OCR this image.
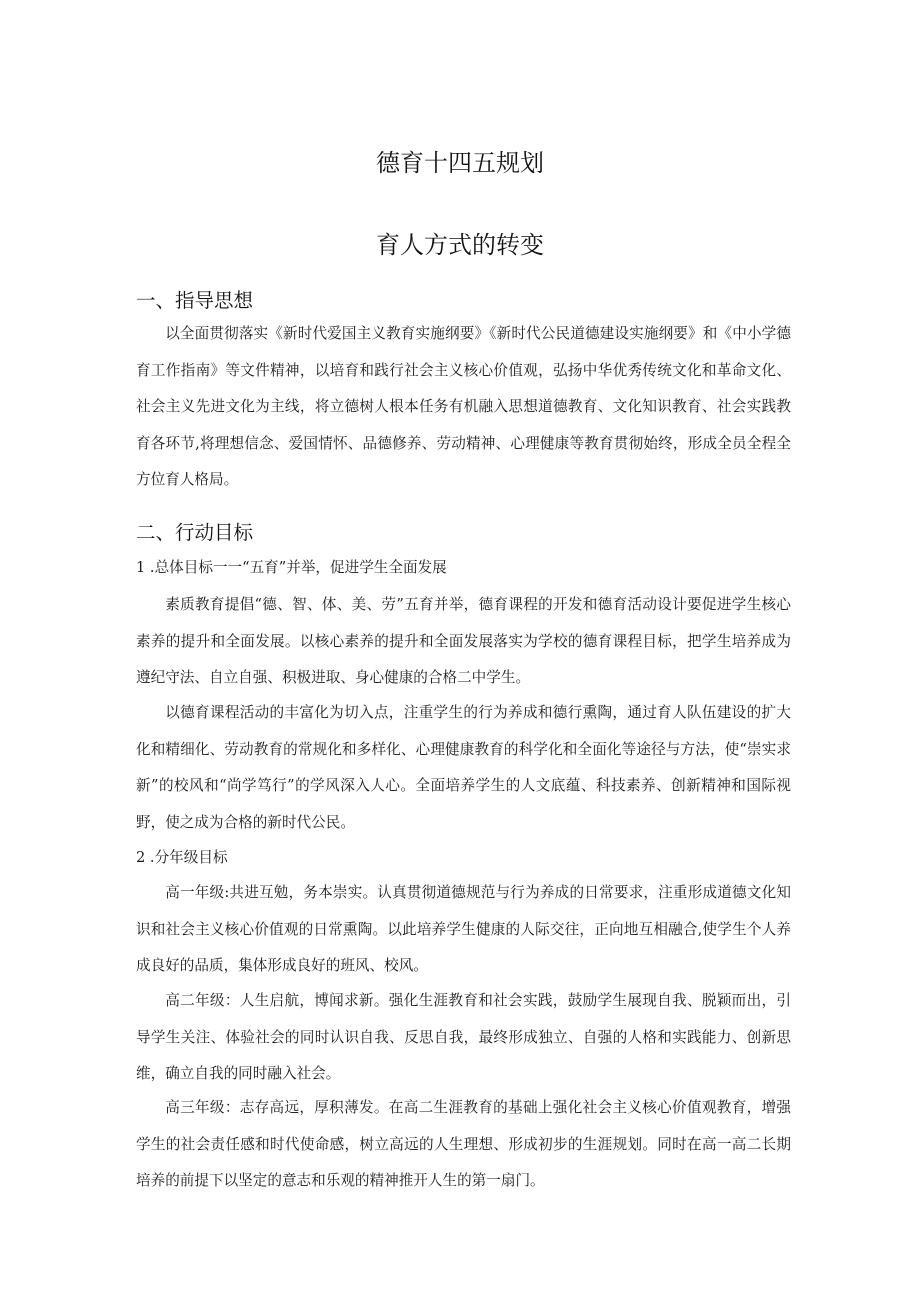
德育十四五规划
育人方式的转变
一、指导思想

以全面贯彻落实《新时代爱国主义教育实施纲要》《新时代公民道德建设实施纲要》和《中小学德育工作指南》等文件精神，以培育和践行社会主义核心价值观，弘扬中华优秀传统文化和革命文化、社会主义先进文化为主线，将立德树人根本任务有机融入思想道德教育、文化知识教育、社会实践教育各环节,将理想信念、爱国情怀、品德修养、劳动精神、心理健康等教育贯彻始终，形成全员全程全方位育人格局。

二、行动目标

1 .总体目标一一“五育”并举，促进学生全面发展

素质教育提倡“德、智、体、美、劳”五育并举，德育课程的开发和德育活动设计要促进学生核心素养的提升和全面发展。以核心素养的提升和全面发展落实为学校的德育课程目标，把学生培养成为遵纪守法、自立自强、积极进取、身心健康的合格二中学生。

以德育课程活动的丰富化为切入点，注重学生的行为养成和德行熏陶，通过育人队伍建设的扩大化和精细化、劳动教育的常规化和多样化、心理健康教育的科学化和全面化等途径与方法，使“崇实求新”的校风和“尚学笃行”的学风深入人心。全面培养学生的人文底蕴、科技素养、创新精神和国际视野，使之成为合格的新时代公民。

2 .分年级目标

高一年级:共进互勉，务本崇实。认真贯彻道德规范与行为养成的日常要求，注重形成道德文化知识和社会主义核心价值观的日常熏陶。以此培养学生健康的人际交往，正向地互相融合,使学生个人养成良好的品质，集体形成良好的班风、校风。

高二年级：人生启航，博闻求新。强化生涯教育和社会实践，鼓励学生展现自我、脱颖而出，引导学生关注、体验社会的同时认识自我、反思自我，最终形成独立、自强的人格和实践能力、创新思维，确立自我的同时融入社会。

高三年级：志存高远，厚积薄发。在高二生涯教育的基础上强化社会主义核心价值观教育，增强学生的社会责任感和时代使命感，树立高远的人生理想、形成初步的生涯规划。同时在高一高二长期培养的前提下以坚定的意志和乐观的精神推开人生的第一扇门。
